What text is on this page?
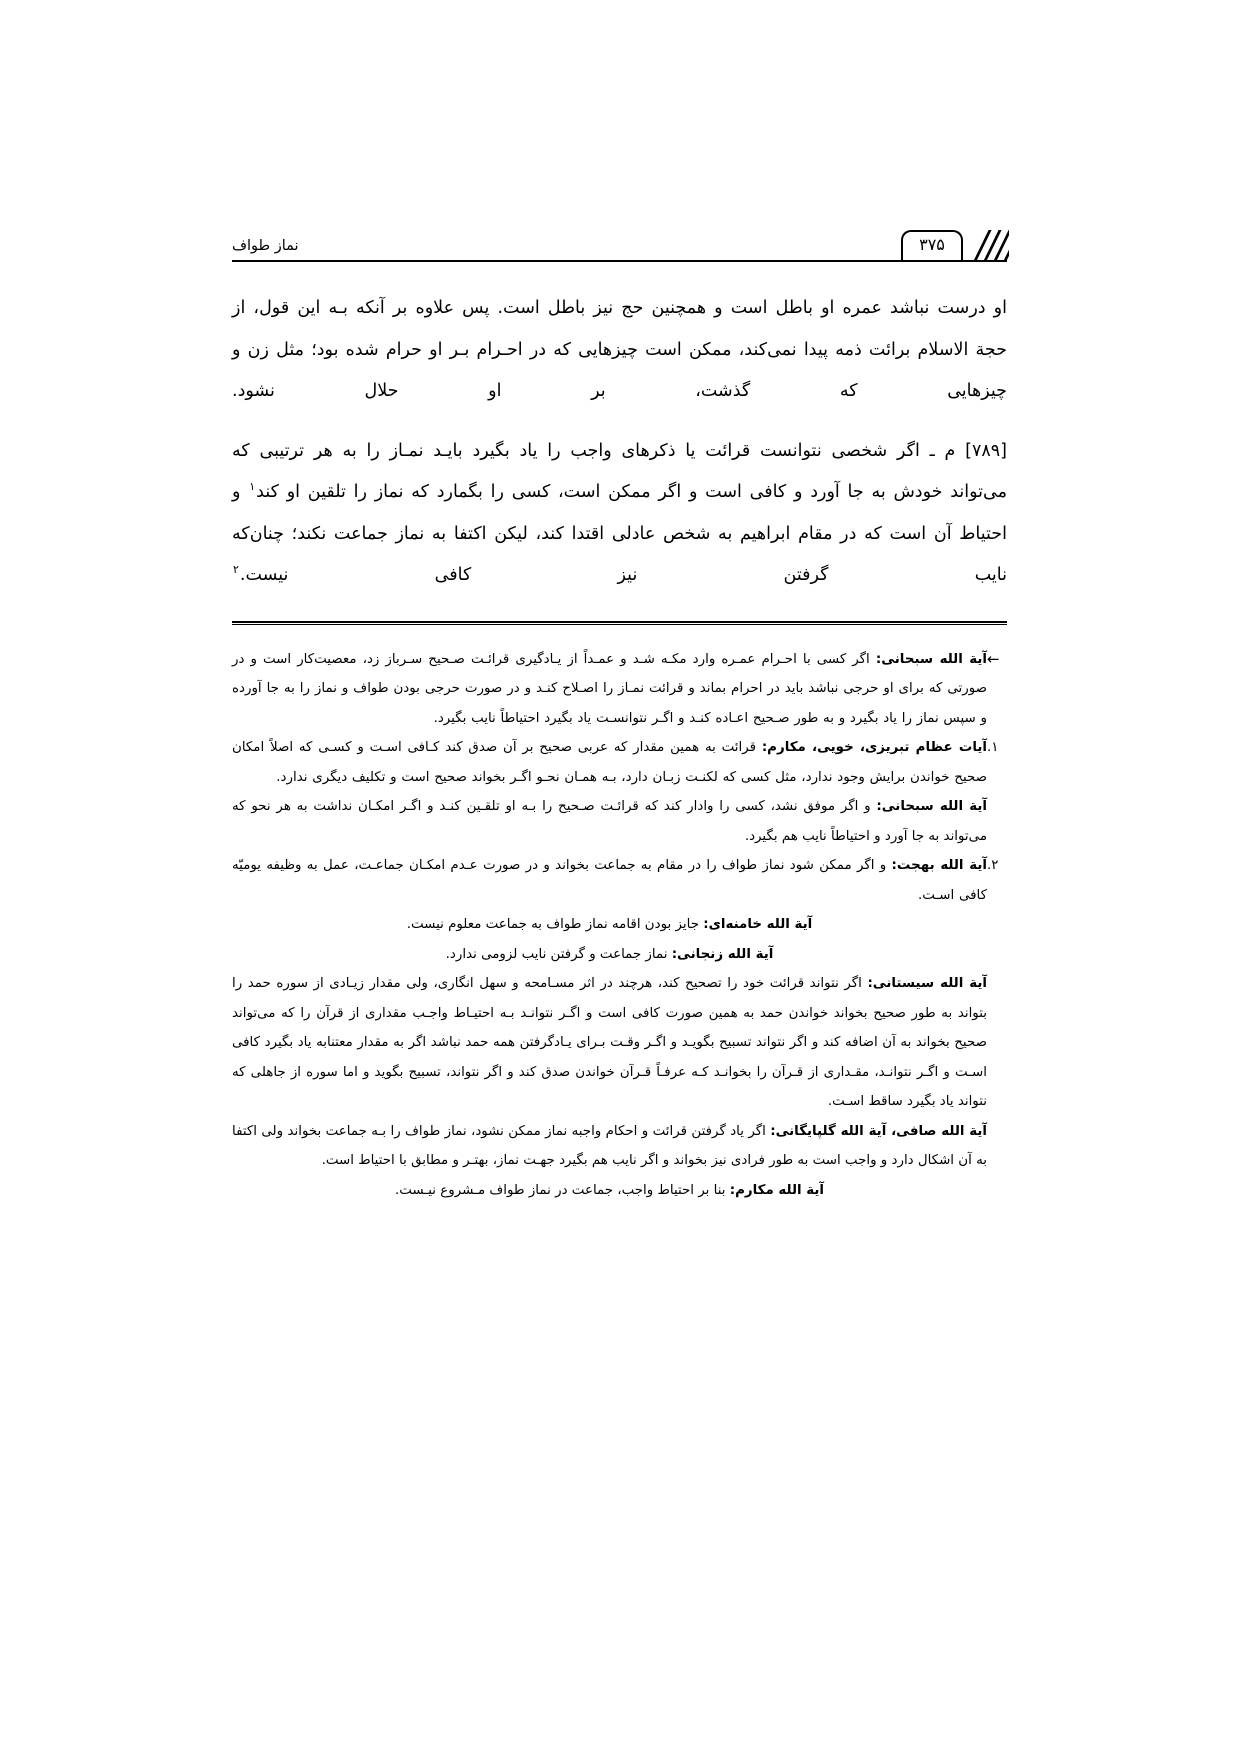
نماز طواف	۳۷۵

او درست نباشد عمره او باطل است و همچنین حج نیز باطل است. پس علاوه بر آنکه بـه این قول، از حجة الاسلام برائت ذمه پیدا نمی‌کند، ممکن است چیزهایی که در احـرام بـر او حرام شده بود؛ مثل زن و چیزهایی که گذشت، بر او حلال نشود.

[۷۸۹] م ـ اگر شخصی نتوانست قرائت یا ذکرهای واجب را یاد بگیرد بایـد نمـاز را به هر ترتیبی که می‌تواند خودش به جا آورد و کافی است و اگر ممکن است، کسی را بگمارد که نماز را تلقین او کند$^۱$ و احتیاط آن است که در مقام ابراهیم به شخص عادلی اقتدا کند، لیکن اکتفا به نماز جماعت نکند؛ چنان‌که نایب گرفتن نیز کافی نیست.$^۲$

←
آیة الله سبحانی: اگر کسی با احـرام عمـره وارد مکـه شـد و عمـداً از یـادگیری قرائـت صـحیح سـرباز زد، معصیت‌کار است و در صورتی که برای او حرجی نباشد باید در احرام بماند و قرائت نمـاز را اصـلاح کنـد و در صورت حرجی بودن طواف و نماز را به جا آورده و سپس نماز را یاد بگیرد و به طور صـحیح اعـاده کنـد و اگـر نتوانسـت یاد بگیرد احتیاطاً نایب بگیرد.
۱.
آیات عظام تبریزی، خویی، مکارم: قرائت به همین مقدار که عربی صحیح بر آن صدق کند کـافی اسـت و کسـی که اصلاً امکان صحیح خواندن برایش وجود ندارد، مثل کسی که لکنـت زبـان دارد، بـه همـان نحـو اگـر بخواند صحیح است و تکلیف دیگری ندارد.
آیة الله سبحانی: و اگر موفق نشد، کسی را وادار کند که قرائـت صـحیح را بـه او تلقـین کنـد و اگـر امکـان نداشت به هر نحو که می‌تواند به جا آورد و احتیاطاً نایب هم بگیرد.
۲.
آیة الله بهجت: و اگر ممکن شود نماز طواف را در مقام به جماعت بخواند و در صورت عـدم امکـان جماعـت، عمل به وظیفه یومیّه کافی اسـت.
آیة الله خامنه‌ای: جایز بودن اقامه نماز طواف به جماعت معلوم نیست.
آیة الله زنجانی: نماز جماعت و گرفتن نایب لزومی ندارد.
آیة الله سیستانی: اگر نتواند قرائت خود را تصحیح کند، هرچند در اثر مسـامحه و سهل انگاری، ولی مقدار زیـادی از سوره حمد را بتواند به طور صحیح بخواند خواندن حمد به همین صورت کافی است و اگـر نتوانـد بـه احتیـاط واجـب مقداری از قرآن را که می‌تواند صحیح بخواند به آن اضافه کند و اگر نتواند تسبیح بگویـد و اگـر وقـت بـرای یـادگرفتن همه حمد نباشد اگر به مقدار معتنابه یاد بگیرد کافی اسـت و اگـر نتوانـد، مقـداری از قـرآن را بخوانـد کـه عرفـاً قـرآن خواندن صدق کند و اگر نتواند، تسبیح بگوید و اما سوره از جاهلی که نتواند یاد بگیرد ساقط اسـت.
آیة الله صافی، آیة الله گلپایگانی: اگر یاد گرفتن قرائت و احکام واجبه نماز ممکن نشود، نماز طواف را بـه جماعت بخواند ولی اکتفا به آن اشکال دارد و واجب است به طور فرادی نیز بخواند و اگر نایب هم بگیرد جهـت نماز، بهتـر و مطابق با احتیاط است.
آیة الله مکارم: بنا بر احتیاط واجب، جماعت در نماز طواف مـشروع نیـست.
